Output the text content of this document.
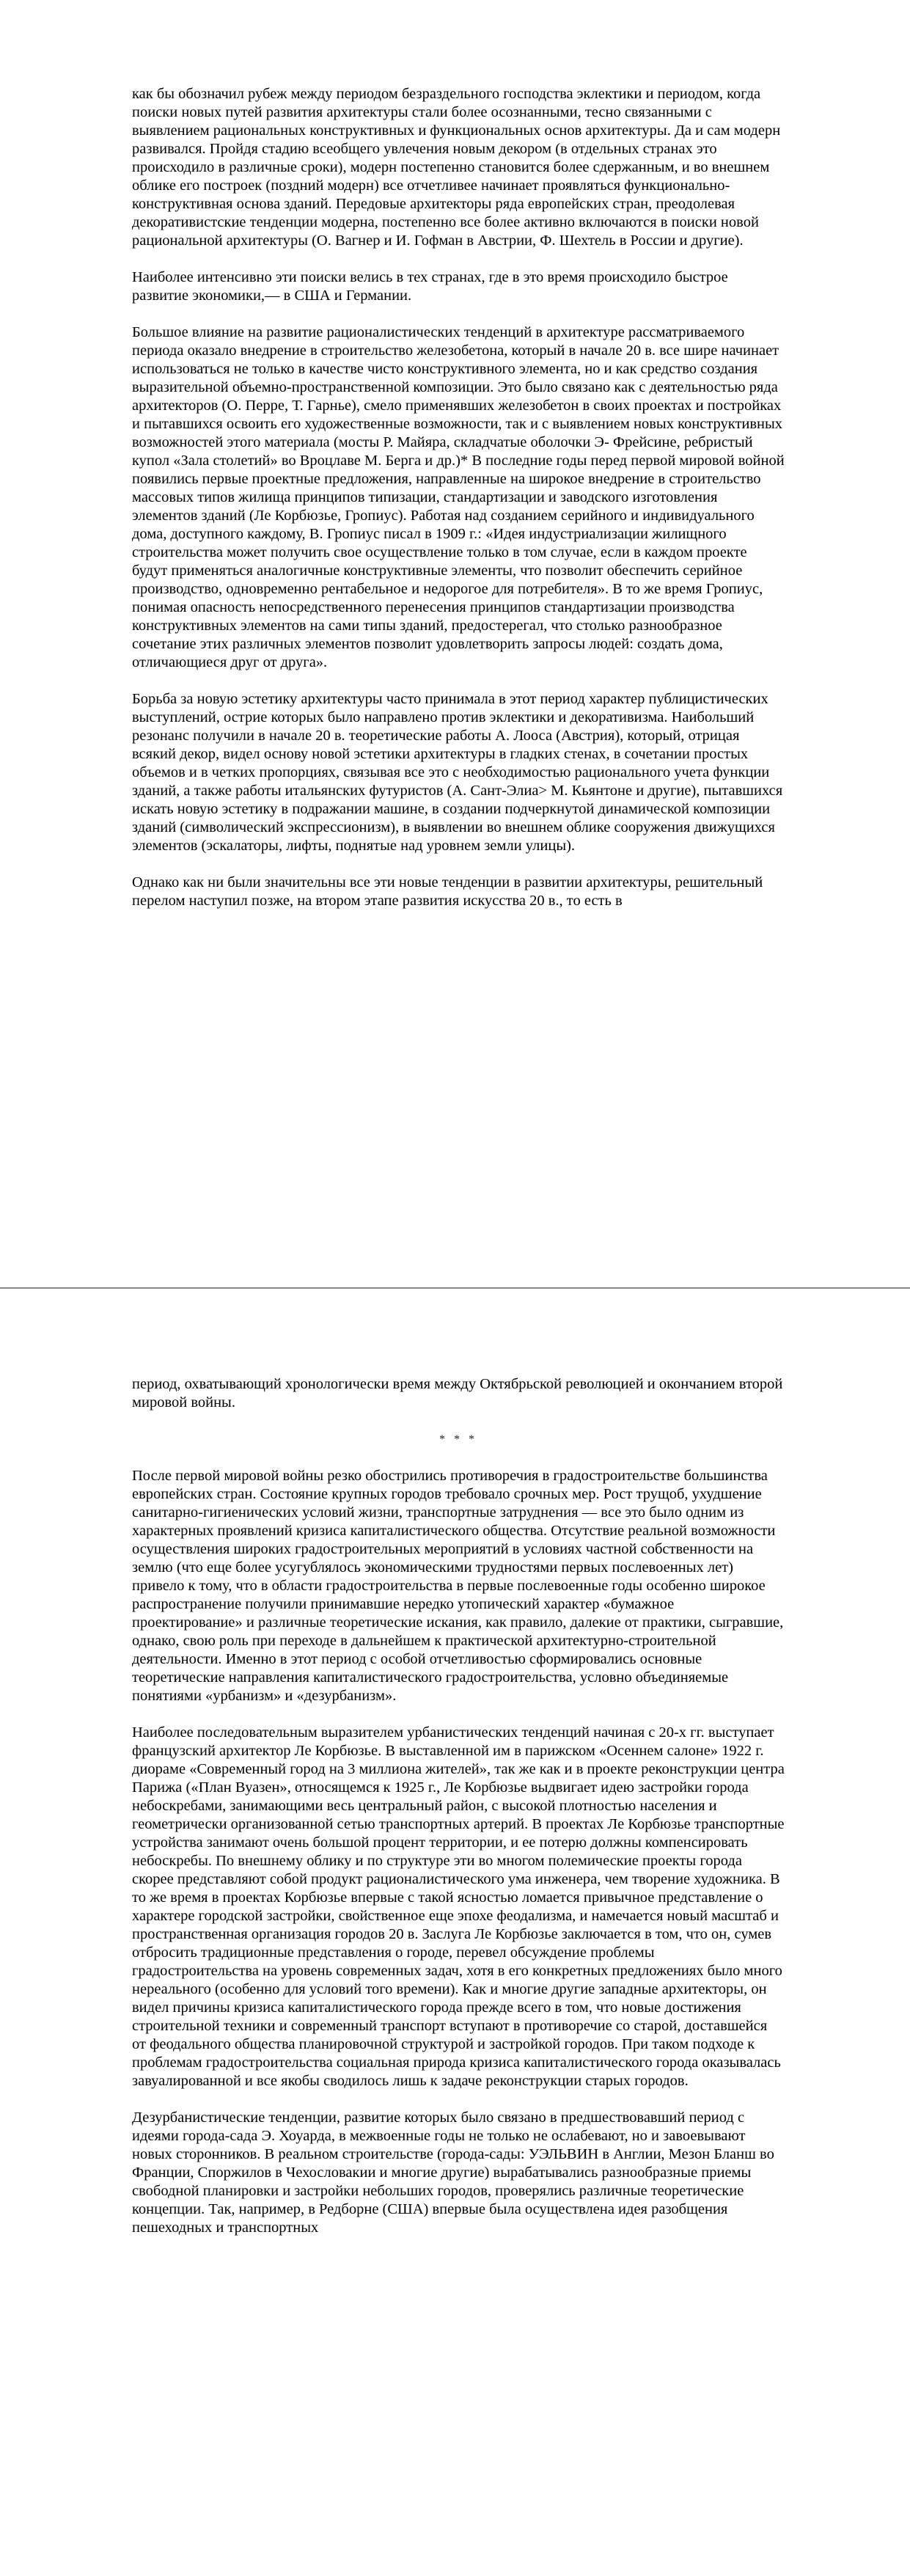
как бы обозначил рубеж между периодом безраздельного господства эклектики и периодом, когда поиски новых путей развития архитектуры стали более осознанными, тесно связанными с выявлением рациональных конструктивных и функциональных основ архитектуры. Да и сам модерн развивался. Пройдя стадию всеобщего увлечения новым декором (в отдельных странах это происходило в различные сроки), модерн постепенно становится более сдержанным, и во внешнем облике его построек (поздний модерн) все отчетливее начинает проявляться функционально-конструктивная основа зданий. Передовые архитекторы ряда европейских стран, преодолевая декоративистские тенденции модерна, постепенно все более активно включаются в поиски новой рациональной архитектуры (О. Вагнер и И. Гофман в Австрии, Ф. Шехтель в России и другие).

Наиболее интенсивно эти поиски велись в тех странах, где в это время происходило быстрое развитие экономики,— в США и Германии.

Большое влияние на развитие рационалистических тенденций в архитектуре рассматриваемого периода оказало внедрение в строительство железобетона, который в начале 20 в. все шире начинает использоваться не только в качестве чисто конструктивного элемента, но и как средство создания выразительной объемно-пространственной композиции. Это было связано как с деятельностью ряда архитекторов (О. Перре, Т. Гарнье), смело применявших железобетон в своих проектах и постройках и пытавшихся освоить его художественные возможности, так и с выявлением новых конструктивных возможностей этого материала (мосты Р. Майяра, складчатые оболочки Э- Фрейсине, ребристый купол «Зала столетий» во Вроцлаве М. Берга и др.)* В последние годы перед первой мировой войной появились первые проектные предложения, направленные на широкое внедрение в строительство массовых типов жилища принципов типизации, стандартизации и заводского изготовления элементов зданий (Ле Корбюзье, Гропиус). Работая над созданием серийного и индивидуального дома, доступного каждому, В. Гропиус писал в 1909 г.: «Идея индустриализации жилищного строительства может получить свое осуществление только в том случае, если в каждом проекте будут применяться аналогичные конструктивные элементы, что позволит обеспечить серийное производство, одновременно рентабельное и недорогое для потребителя». В то же время Гропиус, понимая опасность непосредственного перенесения принципов стандартизации производства конструктивных элементов на сами типы зданий, предостерегал, что столько разнообразное сочетание этих различных элементов позволит удовлетворить запросы людей: создать дома, отличающиеся друг от друга».

Борьба за новую эстетику архитектуры часто принимала в этот период характер публицистических выступлений, острие которых было направлено против эклектики и декоративизма. Наибольший резонанс получили в начале 20 в. теоретические работы А. Лооса (Австрия), который, отрицая всякий декор, видел основу новой эстетики архитектуры в гладких стенах, в сочетании простых объемов и в четких пропорциях, связывая все это с необходимостью рационального учета функции зданий, а также работы итальянских футуристов (А. Сант-Элиа> М. Кьянтоне и другие), пытавшихся искать новую эстетику в подражании машине, в создании подчеркнутой динамической композиции зданий (символический экспрессионизм), в выявлении во внешнем облике сооружения движущихся элементов (эскалаторы, лифты, поднятые над уровнем земли улицы).

Однако как ни были значительны все эти новые тенденции в развитии архитектуры, решительный перелом наступил позже, на втором этапе развития искусства 20 в., то есть в

период, охватывающий хронологически время между Октябрьской революцией и окончанием второй мировой войны.

* * *

После первой мировой войны резко обострились противоречия в градостроительстве большинства европейских стран. Состояние крупных городов требовало срочных мер. Рост трущоб, ухудшение санитарно-гигиенических условий жизни, транспортные затруднения — все это было одним из характерных проявлений кризиса капиталистического общества. Отсутствие реальной возможности осуществления широких градостроительных мероприятий в условиях частной собственности на землю (что еще более усугублялось экономическими трудностями первых послевоенных лет) привело к тому, что в области градостроительства в первые послевоенные годы особенно широкое распространение получили принимавшие нередко утопический характер «бумажное проектирование» и различные теоретические искания, как правило, далекие от практики, сыгравшие, однако, свою роль при переходе в дальнейшем к практической архитектурно-строительной деятельности. Именно в этот период с особой отчетливостью сформировались основные теоретические направления капиталистического градостроительства, условно объединяемые понятиями «урбанизм» и «дезурбанизм».

Наиболее последовательным выразителем урбанистических тенденций начиная с 20-х гг. выступает французский архитектор Ле Корбюзье. В выставленной им в парижском «Осеннем салоне» 1922 г. диораме «Современный город на 3 миллиона жителей», так же как и в проекте реконструкции центра Парижа («План Вуазен», относящемся к 1925 г., Ле Корбюзье выдвигает идею застройки города небоскребами, занимающими весь центральный район, с высокой плотностью населения и геометрически организованной сетью транспортных артерий. В проектах Ле Корбюзье транспортные устройства занимают очень большой процент территории, и ее потерю должны компенсировать небоскребы. По внешнему облику и по структуре эти во многом полемические проекты города скорее представляют собой продукт рационалистического ума инженера, чем творение художника. В то же время в проектах Корбюзье впервые с такой ясностью ломается привычное представление о характере городской застройки, свойственное еще эпохе феодализма, и намечается новый масштаб и пространственная организация городов 20 в. Заслуга Ле Корбюзье заключается в том, что он, сумев отбросить традиционные представления о городе, перевел обсуждение проблемы градостроительства на уровень современных задач, хотя в его конкретных предложениях было много нереального (особенно для условий того времени). Как и многие другие западные архитекторы, он видел причины кризиса капиталистического города прежде всего в том, что новые достижения строительной техники и современный транспорт вступают в противоречие со старой, доставшейся от феодального общества планировочной структурой и застройкой городов. При таком подходе к проблемам градостроительства социальная природа кризиса капиталистического города оказывалась завуалированной и все якобы сводилось лишь к задаче реконструкции старых городов.

Дезурбанистические тенденции, развитие которых было связано в предшествовавший период с идеями города-сада Э. Хоуарда, в межвоенные годы не только не ослабевают, но и завоевывают новых сторонников. В реальном строительстве (города-сады: УЭЛЬВИН в Англии, Мезон Бланш во Франции, Споржилов в Чехословакии и многие другие) вырабатывались разнообразные приемы свободной планировки и застройки небольших городов, проверялись различные теоретические концепции. Так, например, в Редборне (США) впервые была осуществлена идея разобщения пешеходных и транспортных
